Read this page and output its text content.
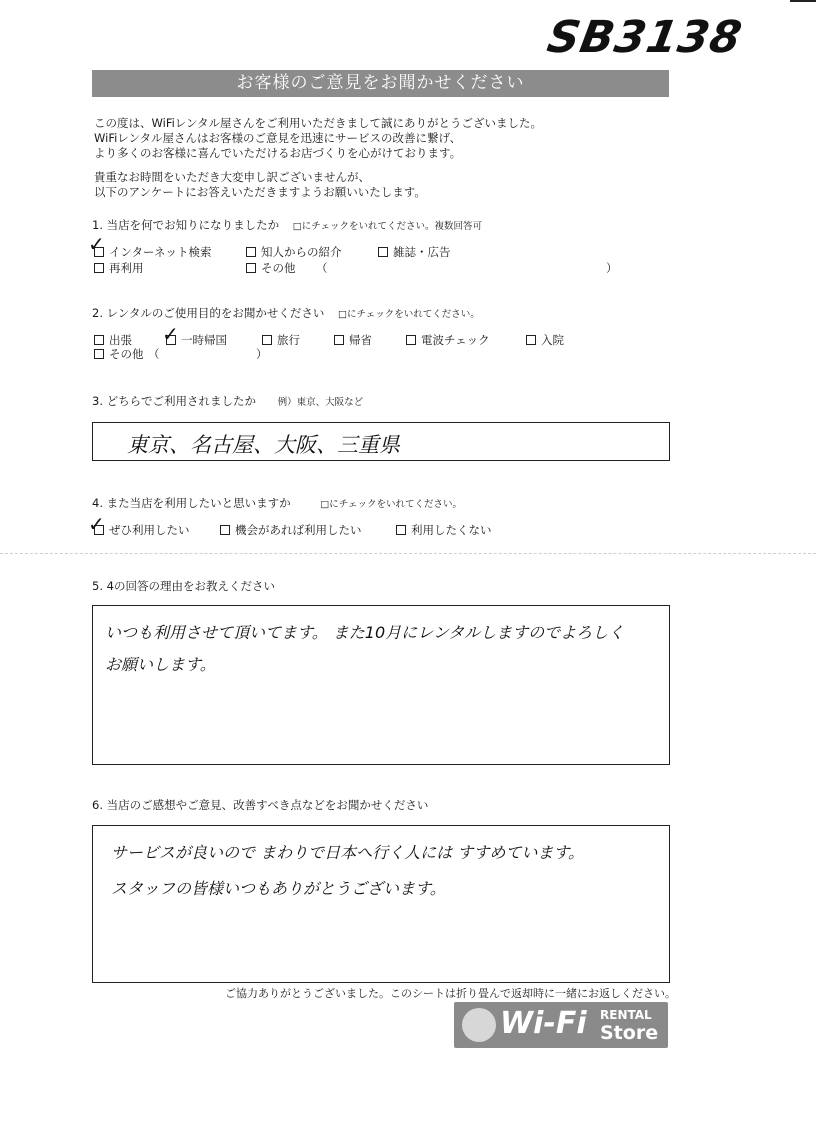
SB3138
お客様のご意見をお聞かせください
この度は、WiFiレンタル屋さんをご利用いただきまして誠にありがとうございました。
WiFiレンタル屋さんはお客様のご意見を迅速にサービスの改善に繋げ、
より多くのお客様に喜んでいただけるお店づくりを心がけております。
貴重なお時間をいただき大変申し訳ございませんが、
以下のアンケートにお答えいただきますようお願いいたします。
1. 当店を何でお知りになりましたか □にチェックをいれてください。複数回答可
インターネット検索
✓	知人からの紹介	雑誌・広告
再利用	その他 （	）
2. レンタルのご使用目的をお聞かせください □にチェックをいれてください。
出張	一時帰国
✓	旅行	帰省	電波チェック	入院
その他 （	）
3. どちらでご利用されましたか 例）東京、大阪など
東京、名古屋、大阪、三重県
4. また当店を利用したいと思いますか	□にチェックをいれてください。
ぜひ利用したい
✓	機会があれば利用したい	利用したくない
5. 4の回答の理由をお教えください
いつも利用させて頂いてます。 また10月にレンタルしますのでよろしく
お願いします。
6. 当店のご感想やご意見、改善すべき点などをお聞かせください
サービスが良いので まわりで日本へ行く人には すすめています。
スタッフの皆様いつもありがとうございます。
ご協力ありがとうございました。このシートは折り畳んで返却時に一緒にお返しください。
Wi-Fi RENTAL
Store
